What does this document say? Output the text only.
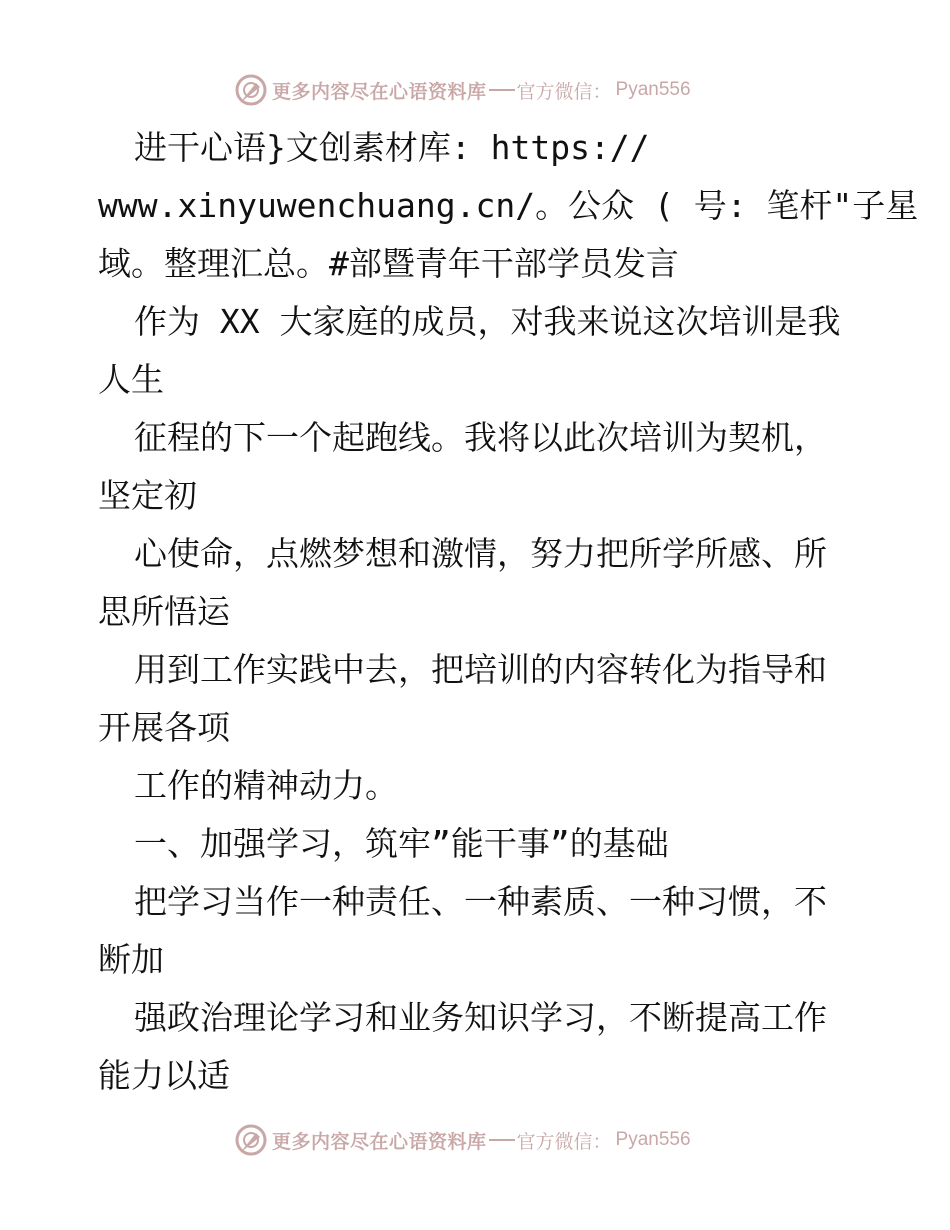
更多内容尽在心语资料库 官方微信： Pyan556
进干心语}文创素材库: https://
www.xinyuwenchuang.cn/。公众 ( 号: 笔杆"子星
域。整理汇总。#部暨青年干部学员发言
作为 XX 大家庭的成员，对我来说这次培训是我
人生
征程的下一个起跑线。我将以此次培训为契机，
坚定初
心使命，点燃梦想和激情，努力把所学所感、所
思所悟运
用到工作实践中去，把培训的内容转化为指导和
开展各项
工作的精神动力。
一、加强学习，筑牢”能干事”的基础
把学习当作一种责任、一种素质、一种习惯，不
断加
强政治理论学习和业务知识学习，不断提高工作
能力以适
更多内容尽在心语资料库 官方微信： Pyan556
